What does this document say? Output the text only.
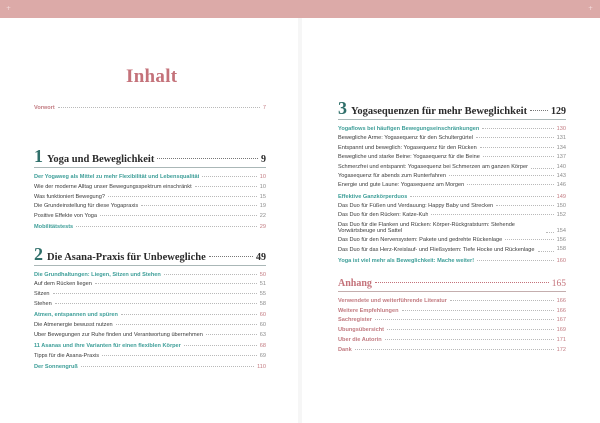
+	+
Inhalt
Vorwort	7
1 Yoga und Beweglichkeit	9
Der Yogaweg als Mittel zu mehr Flexibilität und Lebensqualität	10
Wie der moderne Alltag unser Bewegungsspektrum einschränkt	10
Was funktioniert Bewegung?	15
Die Grundeinstellung für diese Yogapraxis	19
Positive Effekte von Yoga	22
Mobilitätstests	29
2 Die Asana-Praxis für Unbewegliche	49
Die Grundhaltungen: Liegen, Sitzen und Stehen	50
Auf dem Rücken liegen	51
Sitzen	55
Stehen	58
Atmen, entspannen und spüren	60
Die Atmenergie bewusst nutzen	60
Über Bewegungen zur Ruhe finden und Verantwortung übernehmen	63
11 Asanas und ihre Varianten für einen flexiblen Körper	68
Tipps für die Asana-Praxis	69
Der Sonnengruß	110
3 Yogasequenzen für mehr Beweglichkeit 129
Yogaflows bei häufigen Bewegungseinschränkungen	130
Bewegliche Arme: Yogasequenz für den Schultergürtel	131
Entspannt und beweglich: Yogasequenz für den Rücken	134
Bewegliche und starke Beine: Yogasequenz für die Beine	137
Schmerzfrei und entspannt: Yogasequenz bei Schmerzen am ganzen Körper	140
Yogasequenz für abends zum Runterfahren	143
Energie und gute Laune: Yogasequenz am Morgen	146
Effektive Ganzkörperduos	149
Das Duo für Füßen und Verdauung: Happy Baby und Strecken	150
Das Duo für den Rücken: Katze-Kuh	152
Das Duo für die Flanken und Rücken: Körper-Rückgratsturm: Stehende Vorwärtsbeuge und Sattel	154
Das Duo für den Nervensystem: Pakete und gedrehte Rückenlage	156
Das Duo für das Herz-Kreislauf- und Fließsystem: Tiefe Hocke und Rückenlage	158
Yoga ist viel mehr als Beweglichkeit: Mache weiter!	160
Anhang	165
Verwendete und weiterführende Literatur	166
Weitere Empfehlungen	166
Sachregister	167
Übungsübersicht	169
Über die Autorin	171
Dank	172
